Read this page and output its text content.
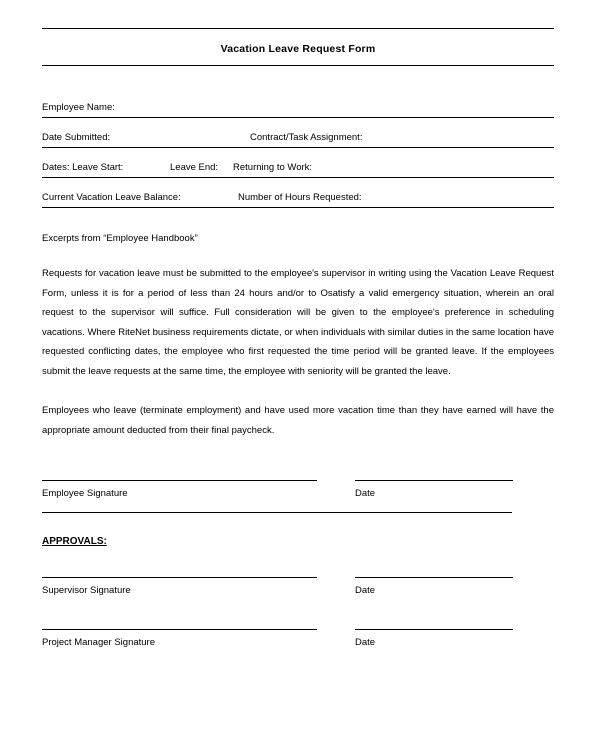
Vacation Leave Request Form
Employee Name:
Date Submitted:	Contract/Task Assignment:
Dates: Leave Start:	Leave End: Returning to Work:
Current Vacation Leave Balance:	Number of Hours Requested:
Excerpts from “Employee Handbook”
Requests for vacation leave must be submitted to the employee's supervisor in writing using the Vacation Leave Request Form, unless it is for a period of less than 24 hours and/or to Osatisfy a valid emergency situation, wherein an oral request to the supervisor will suffice. Full consideration will be given to the employee's preference in scheduling vacations. Where RiteNet business requirements dictate, or when individuals with similar duties in the same location have requested conflicting dates, the employee who first requested the time period will be granted leave. If the employees submit the leave requests at the same time, the employee with seniority will be granted the leave.
Employees who leave (terminate employment) and have used more vacation time than they have earned will have the appropriate amount deducted from their final paycheck.
Employee Signature	Date
APPROVALS:
Supervisor Signature	Date
Project Manager Signature	Date
